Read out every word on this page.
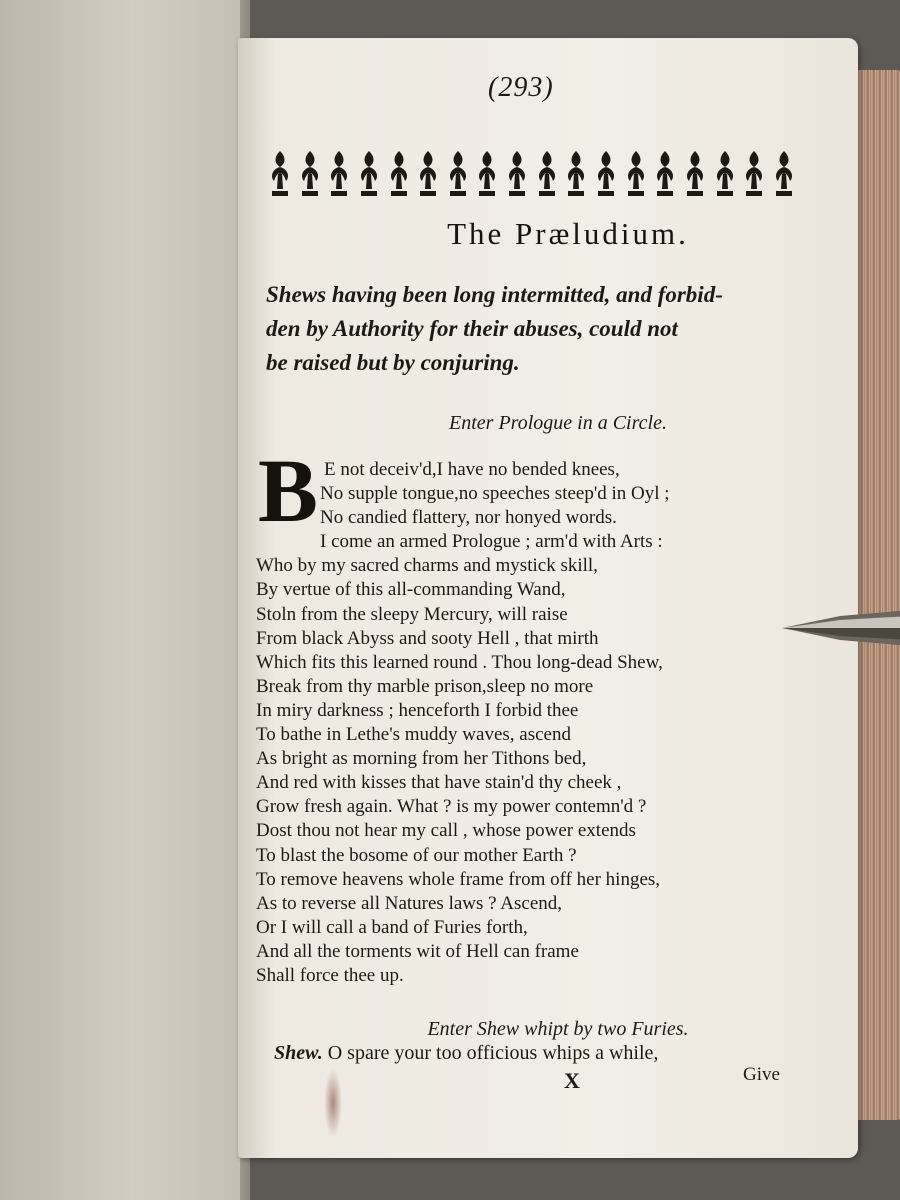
(293)
The Præludium.
Shews having been long intermitted, and forbid-
den by Authority for their abuses, could not
be raised but by conjuring.
Enter Prologue in a Circle.
B E not deceiv'd,I have no bended knees,
No supple tongue,no speeches steep'd in Oyl ;
No candied flattery, nor honyed words.
I come an armed Prologue ; arm'd with Arts :
Who by my sacred charms and mystick skill,
By vertue of this all-commanding Wand,
Stoln from the sleepy Mercury, will raise
From black Abyss and sooty Hell , that mirth
Which fits this learned round . Thou long-dead Shew,
Break from thy marble prison,sleep no more
In miry darkness ; henceforth I forbid thee
To bathe in Lethe's muddy waves, ascend
As bright as morning from her Tithons bed,
And red with kisses that have stain'd thy cheek ,
Grow fresh again. What ? is my power contemn'd ?
Dost thou not hear my call , whose power extends
To blast the bosome of our mother Earth ?
To remove heavens whole frame from off her hinges,
As to reverse all Natures laws ? Ascend,
Or I will call a band of Furies forth,
And all the torments wit of Hell can frame
Shall force thee up.
Enter Shew whipt by two Furies.
Shew. O spare your too officious whips a while,
X	Give
